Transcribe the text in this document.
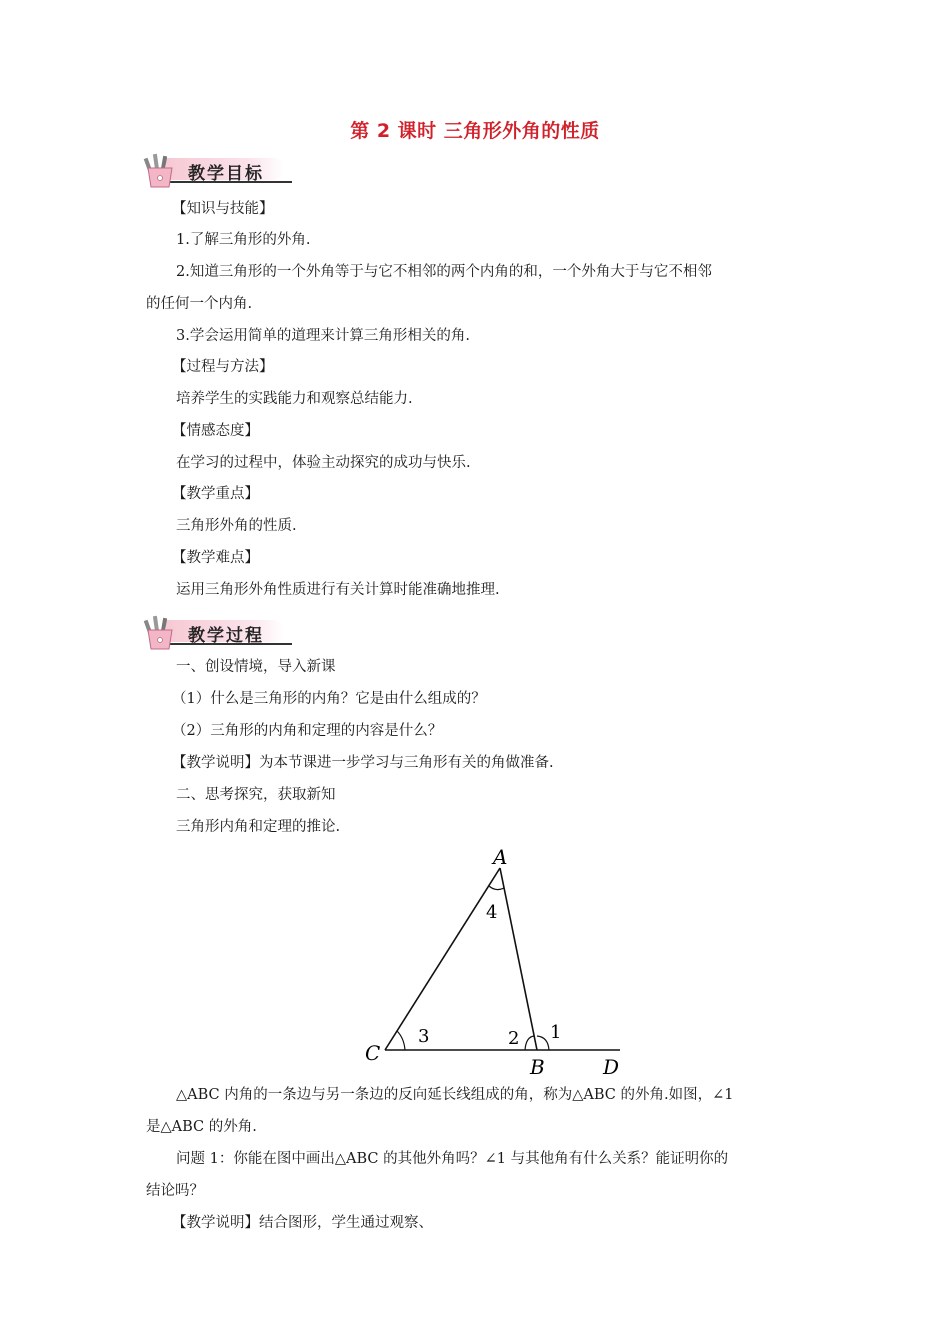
第 2 课时 三角形外角的性质
教学目标
【知识与技能】
1.了解三角形的外角.
2.知道三角形的一个外角等于与它不相邻的两个内角的和，一个外角大于与它不相邻
的任何一个内角.
3.学会运用简单的道理来计算三角形相关的角.
【过程与方法】
培养学生的实践能力和观察总结能力.
【情感态度】
在学习的过程中，体验主动探究的成功与快乐.
【教学重点】
三角形外角的性质.
【教学难点】
运用三角形外角性质进行有关计算时能准确地推理.
教学过程
一、创设情境，导入新课
（1）什么是三角形的内角？它是由什么组成的？
（2）三角形的内角和定理的内容是什么？
【教学说明】为本节课进一步学习与三角形有关的角做准备.
二、思考探究，获取新知
三角形内角和定理的推论.
A
4
C
3	2 1
B	D
△ABC 内角的一条边与另一条边的反向延长线组成的角，称为△ABC 的外角.如图，∠1
是△ABC 的外角.
问题 1：你能在图中画出△ABC 的其他外角吗？∠1 与其他角有什么关系？能证明你的
结论吗？
【教学说明】结合图形，学生通过观察、
